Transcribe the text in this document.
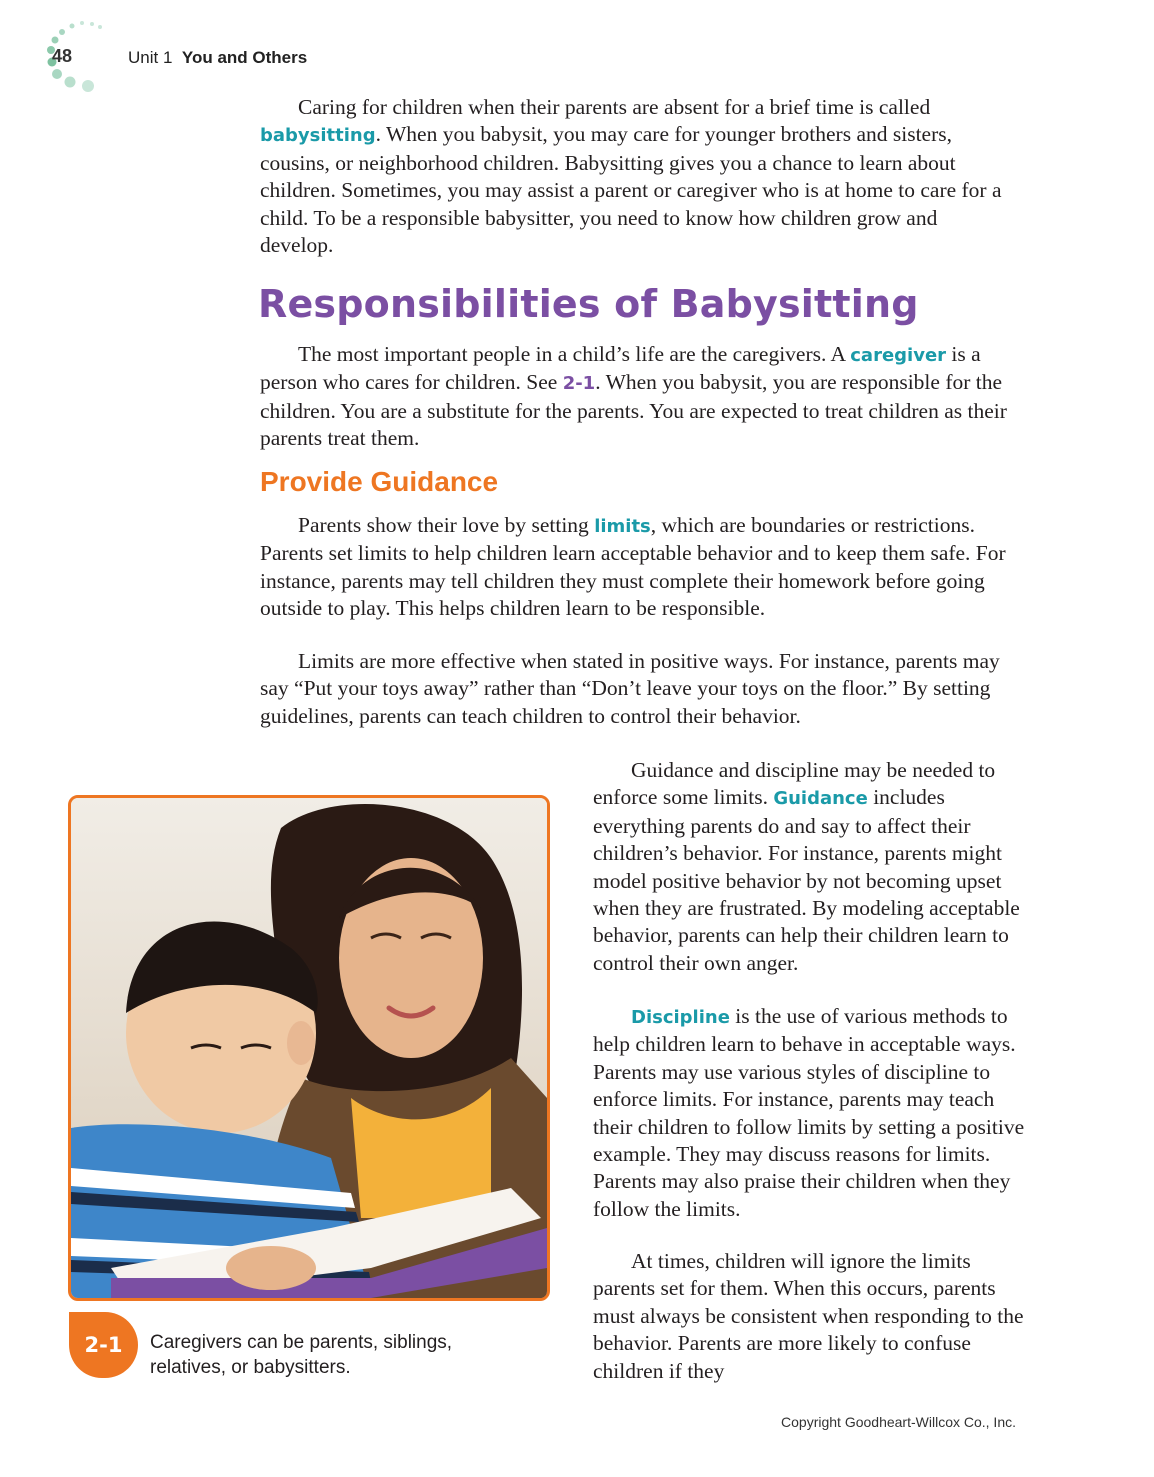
48	Unit 1 You and Others

Caring for children when their parents are absent for a brief time is called babysitting. When you babysit, you may care for younger brothers and sisters, cousins, or neighborhood children. Babysitting gives you a chance to learn about children. Sometimes, you may assist a parent or caregiver who is at home to care for a child. To be a responsible babysitter, you need to know how children grow and develop.

Responsibilities of Babysitting

The most important people in a child’s life are the caregivers. A caregiver is a person who cares for children. See 2-1. When you babysit, you are responsible for the children. You are a substitute for the parents. You are expected to treat children as their parents treat them.

Provide Guidance

Parents show their love by setting limits, which are boundaries or restrictions. Parents set limits to help children learn acceptable behavior and to keep them safe. For instance, parents may tell children they must complete their homework before going outside to play. This helps children learn to be responsible.

Limits are more effective when stated in positive ways. For instance, parents may say “Put your toys away” rather than “Don’t leave your toys on the floor.” By setting guidelines, parents can teach children to control their behavior.

Guidance and discipline may be needed to enforce some limits. Guidance includes everything parents do and say to affect their children’s behavior. For instance, parents might model positive behavior by not becoming upset when they are frustrated. By modeling acceptable behavior, parents can help their children learn to control their own anger.

Discipline is the use of various methods to help children learn to behave in acceptable ways. Parents may use various styles of discipline to enforce limits. For instance, parents may teach their children to follow limits by setting a positive example. They may discuss reasons for limits. Parents may also praise their children when they follow the limits.

At times, children will ignore the limits parents set for them. When this occurs, parents must always be consistent when responding to the behavior. Parents are more likely to confuse children if they

2-1	Caregivers can be parents, siblings, relatives, or babysitters.

Copyright Goodheart-Willcox Co., Inc.
